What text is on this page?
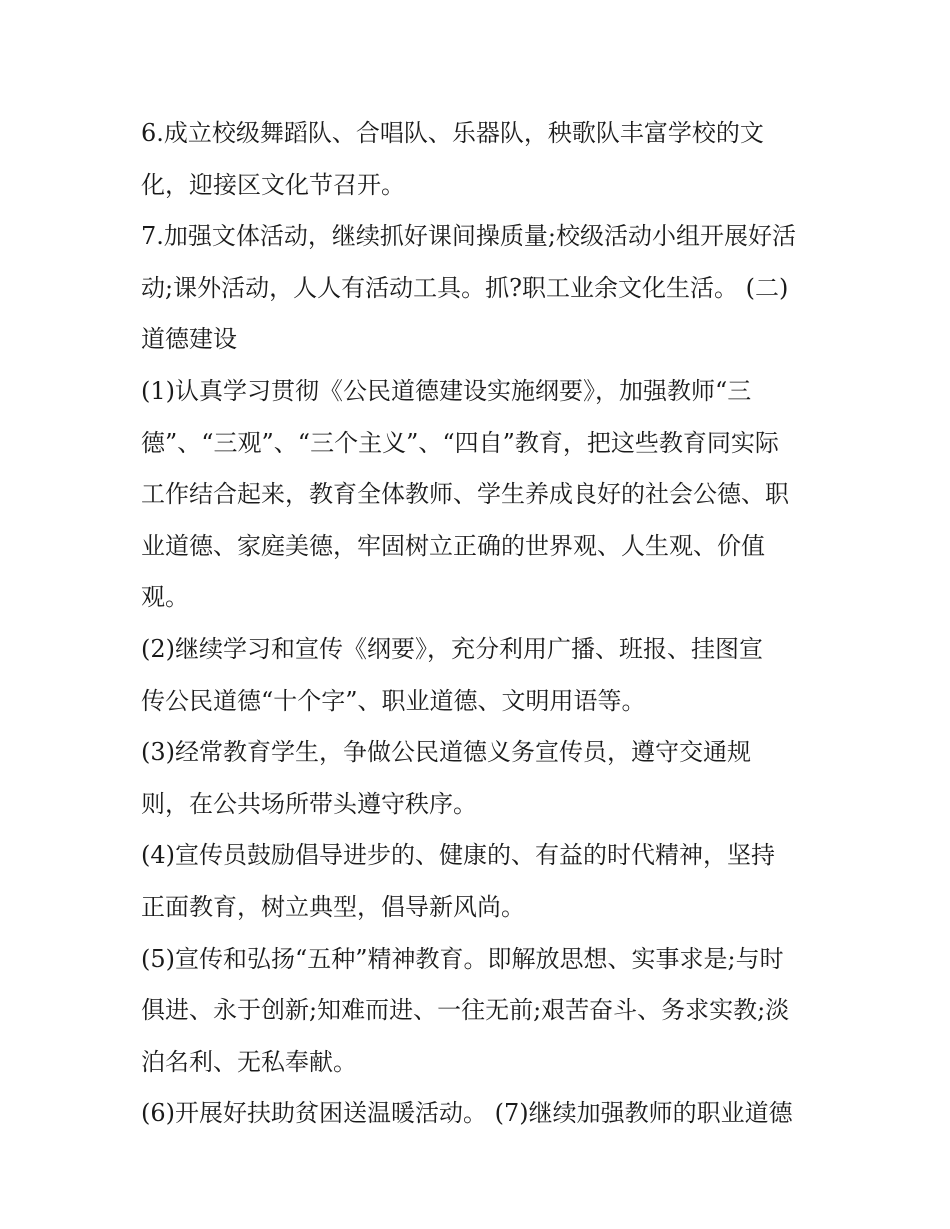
6.成立校级舞蹈队、合唱队、乐器队，秧歌队丰富学校的文
化，迎接区文化节召开。
7.加强文体活动，继续抓好课间操质量;校级活动小组开展好活
动;课外活动，人人有活动工具。抓?职工业余文化生活。 (二)
道德建设
(1)认真学习贯彻《公民道德建设实施纲要》，加强教师“三
德”、“三观”、“三个主义”、“四自”教育，把这些教育同实际
工作结合起来，教育全体教师、学生养成良好的社会公德、职
业道德、家庭美德，牢固树立正确的世界观、人生观、价值
观。
(2)继续学习和宣传《纲要》，充分利用广播、班报、挂图宣
传公民道德“十个字”、职业道德、文明用语等。
(3)经常教育学生，争做公民道德义务宣传员，遵守交通规
则，在公共场所带头遵守秩序。
(4)宣传员鼓励倡导进步的、健康的、有益的时代精神，坚持
正面教育，树立典型，倡导新风尚。
(5)宣传和弘扬“五种”精神教育。即解放思想、实事求是;与时
俱进、永于创新;知难而进、一往无前;艰苦奋斗、务求实教;淡
泊名利、无私奉献。
(6)开展好扶助贫困送温暖活动。 (7)继续加强教师的职业道德
